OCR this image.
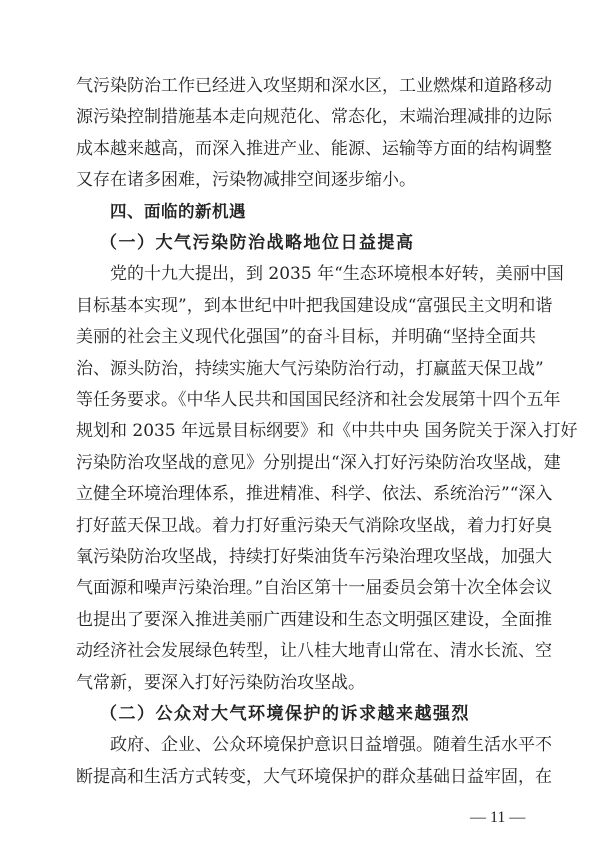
气污染防治工作已经进入攻坚期和深水区，工业燃煤和道路移动
源污染控制措施基本走向规范化、常态化，末端治理减排的边际
成本越来越高，而深入推进产业、能源、运输等方面的结构调整
又存在诸多困难，污染物减排空间逐步缩小。
四、面临的新机遇
（一）大气污染防治战略地位日益提高
党的十九大提出，到 2035 年“生态环境根本好转，美丽中国
目标基本实现”，到本世纪中叶把我国建设成“富强民主文明和谐
美丽的社会主义现代化强国”的奋斗目标，并明确“坚持全面共
治、源头防治，持续实施大气污染防治行动，打赢蓝天保卫战”
等任务要求。《中华人民共和国国民经济和社会发展第十四个五年
规划和 2035 年远景目标纲要》和《中共中央 国务院关于深入打好
污染防治攻坚战的意见》分别提出“深入打好污染防治攻坚战，建
立健全环境治理体系，推进精准、科学、依法、系统治污”“深入
打好蓝天保卫战。着力打好重污染天气消除攻坚战，着力打好臭
氧污染防治攻坚战，持续打好柴油货车污染治理攻坚战，加强大
气面源和噪声污染治理。”自治区第十一届委员会第十次全体会议
也提出了要深入推进美丽广西建设和生态文明强区建设，全面推
动经济社会发展绿色转型，让八桂大地青山常在、清水长流、空
气常新，要深入打好污染防治攻坚战。
（二）公众对大气环境保护的诉求越来越强烈
政府、企业、公众环境保护意识日益增强。随着生活水平不
断提高和生活方式转变，大气环境保护的群众基础日益牢固，在
— 11 —
